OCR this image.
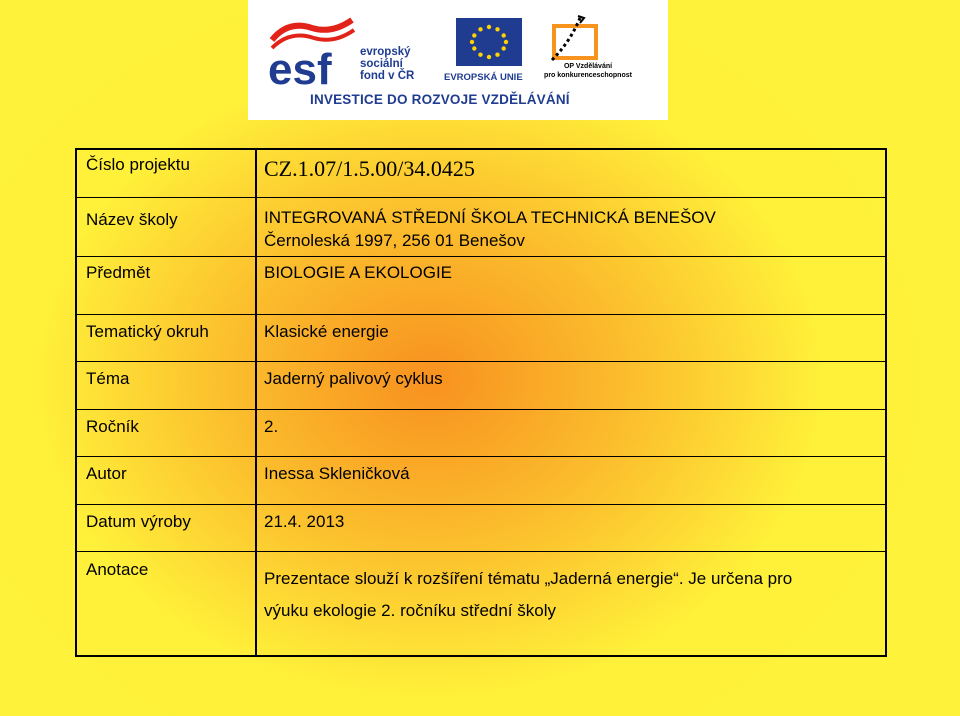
esf evropský
sociální
fond v ČR	EVROPSKÁ UNIE
OP Vzdělávání
pro konkurenceschopnost
INVESTICE DO ROZVOJE VZDĚLÁVÁNÍ
Číslo projektu
Název školy
Předmět
Tematický okruh
Téma
Ročník
Autor
Datum výroby
Anotace
CZ.1.07/1.5.00/34.0425
INTEGROVANÁ STŘEDNÍ ŠKOLA TECHNICKÁ BENEŠOV
Černoleská 1997, 256 01 Benešov
BIOLOGIE A EKOLOGIE
Klasické energie
Jaderný palivový cyklus
2.
Inessa Skleničková
21.4. 2013
Prezentace slouží k rozšíření tématu „Jaderná energie“. Je určena pro
výuku ekologie 2. ročníku střední školy
